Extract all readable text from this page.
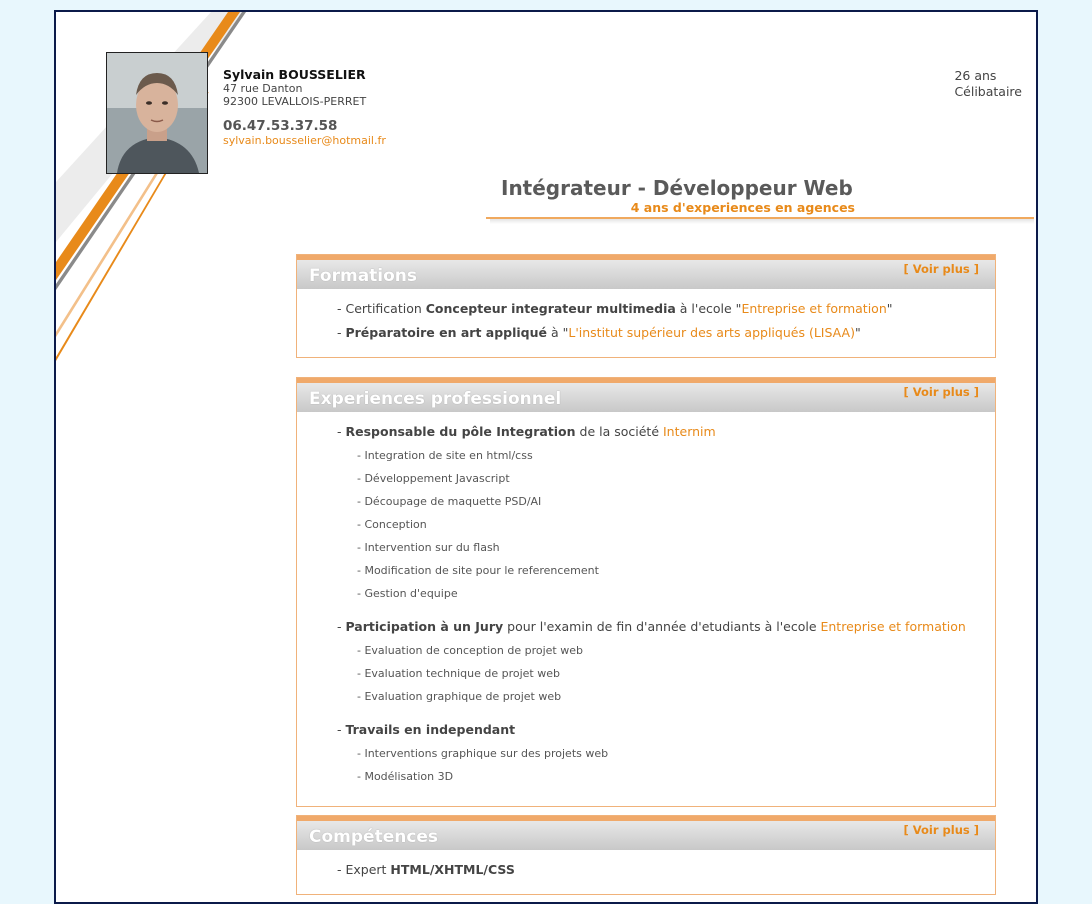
Sylvain BOUSSELIER
47 rue Danton
92300 LEVALLOIS-PERRET
06.47.53.37.58
sylvain.bousselier@hotmail.fr
26 ans
Célibataire
Intégrateur - Développeur Web
4 ans d'experiences en agences
Formations	[ Voir plus ]
- Certification Concepteur integrateur multimedia à l'ecole "Entreprise et formation"
- Préparatoire en art appliqué à "L'institut supérieur des arts appliqués (LISAA)"
Experiences professionnel	[ Voir plus ]
- Responsable du pôle Integration de la société Internim
- Integration de site en html/css
- Développement Javascript
- Découpage de maquette PSD/AI
- Conception
- Intervention sur du flash
- Modification de site pour le referencement
- Gestion d'equipe
- Participation à un Jury pour l'examin de fin d'année d'etudiants à l'ecole Entreprise et formation
- Evaluation de conception de projet web
- Evaluation technique de projet web
- Evaluation graphique de projet web
- Travails en independant
- Interventions graphique sur des projets web
- Modélisation 3D
Compétences	[ Voir plus ]
- Expert HTML/XHTML/CSS
